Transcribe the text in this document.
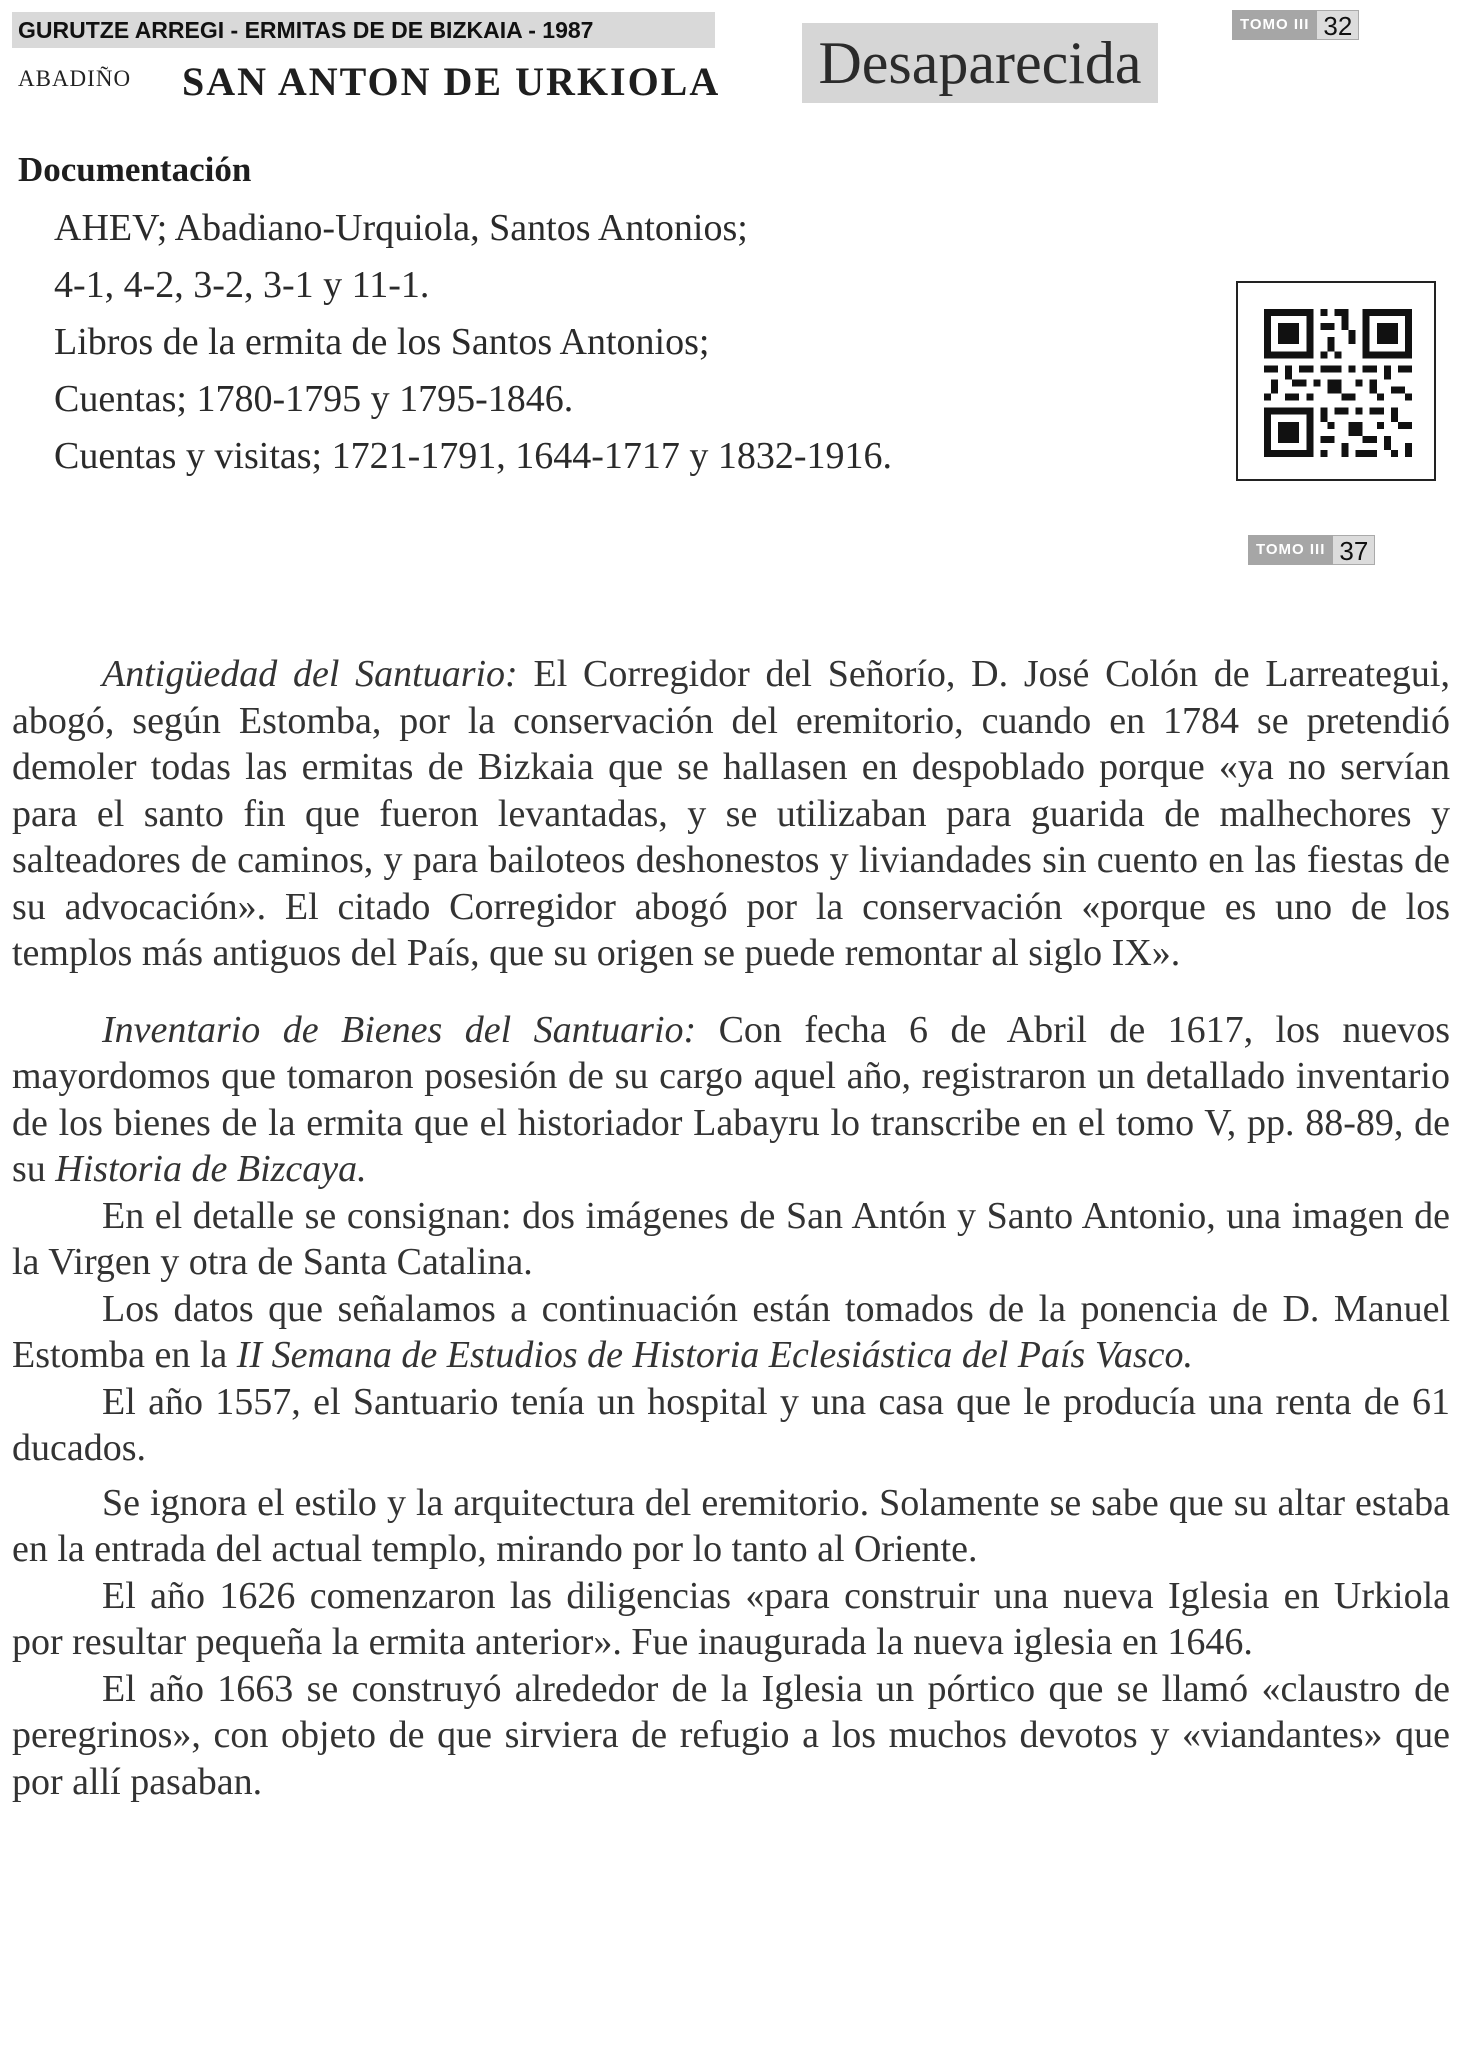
GURUTZE ARREGI - ERMITAS DE DE BIZKAIA - 1987	TOMO III 32
ABADIÑO SAN ANTON DE URKIOLA Desaparecida
Documentación
AHEV; Abadiano-Urquiola, Santos Antonios;
4-1, 4-2, 3-2, 3-1 y 11-1.
Libros de la ermita de los Santos Antonios;
Cuentas; 1780-1795 y 1795-1846.
Cuentas y visitas; 1721-1791, 1644-1717 y 1832-1916.
TOMO III 37

Antigüedad del Santuario: El Corregidor del Señorío, D. José Colón de Larreategui, abogó, según Estomba, por la conservación del eremitorio, cuando en 1784 se pretendió demoler todas las ermitas de Bizkaia que se hallasen en despoblado porque «ya no servían para el santo fin que fueron levantadas, y se utilizaban para guarida de malhechores y salteadores de caminos, y para bailoteos deshonestos y liviandades sin cuento en las fiestas de su advocación». El citado Corregidor abogó por la conservación «porque es uno de los templos más antiguos del País, que su origen se puede remontar al siglo IX».

Inventario de Bienes del Santuario: Con fecha 6 de Abril de 1617, los nuevos mayordomos que tomaron posesión de su cargo aquel año, registraron un detallado inventario de los bienes de la ermita que el historiador Labayru lo transcribe en el tomo V, pp. 88-89, de su Historia de Bizcaya.

En el detalle se consignan: dos imágenes de San Antón y Santo Antonio, una imagen de la Virgen y otra de Santa Catalina.

Los datos que señalamos a continuación están tomados de la ponencia de D. Manuel Estomba en la II Semana de Estudios de Historia Eclesiástica del País Vasco.

El año 1557, el Santuario tenía un hospital y una casa que le producía una renta de 61 ducados.

Se ignora el estilo y la arquitectura del eremitorio. Solamente se sabe que su altar estaba en la entrada del actual templo, mirando por lo tanto al Oriente.

El año 1626 comenzaron las diligencias «para construir una nueva Iglesia en Urkiola por resultar pequeña la ermita anterior». Fue inaugurada la nueva iglesia en 1646.

El año 1663 se construyó alrededor de la Iglesia un pórtico que se llamó «claustro de peregrinos», con objeto de que sirviera de refugio a los muchos devotos y «viandantes» que por allí pasaban.
